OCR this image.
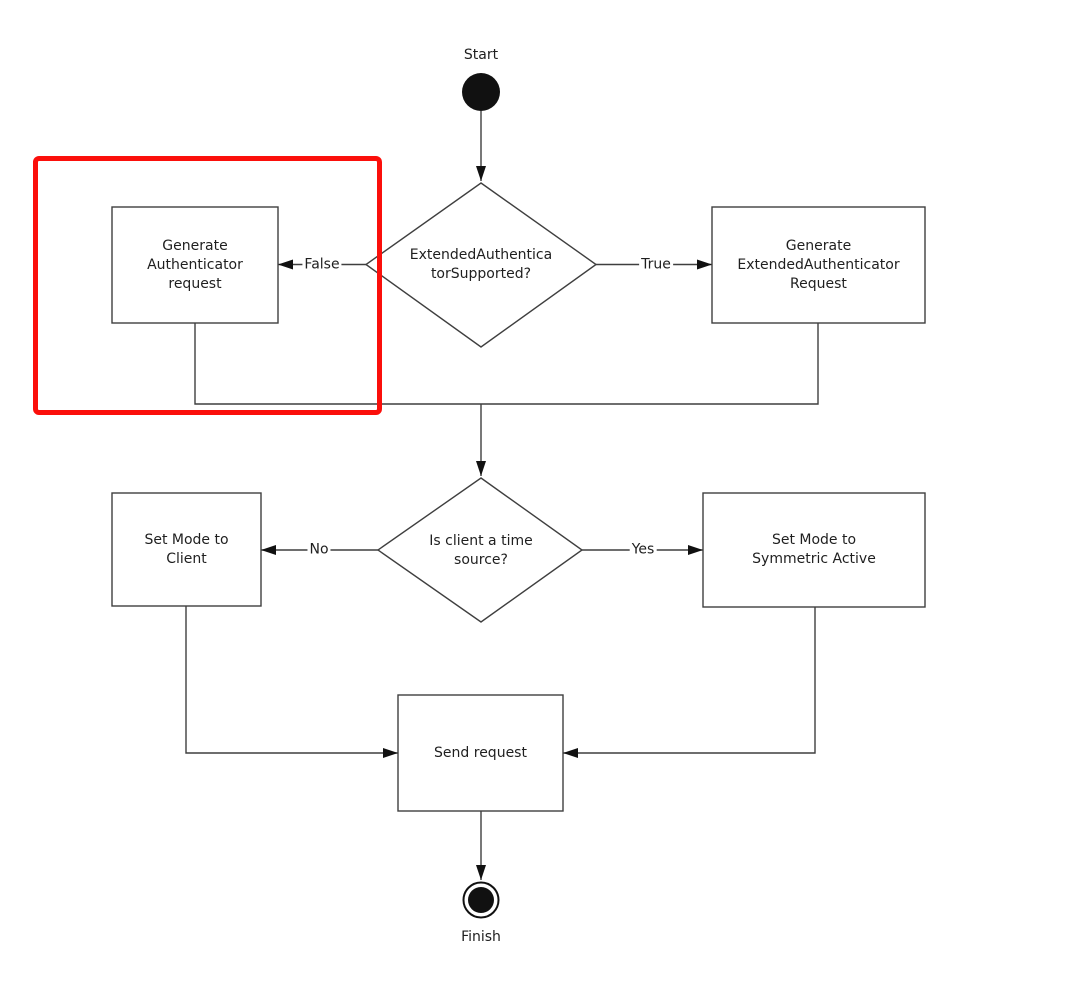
Start
Finish
ExtendedAuthentica
torSupported?
Generate
Authenticator
request
Generate
ExtendedAuthenticator
Request
Is client a time
source?
Set Mode to
Client
Set Mode to
Symmetric Active
Send request
False	True
No	Yes
